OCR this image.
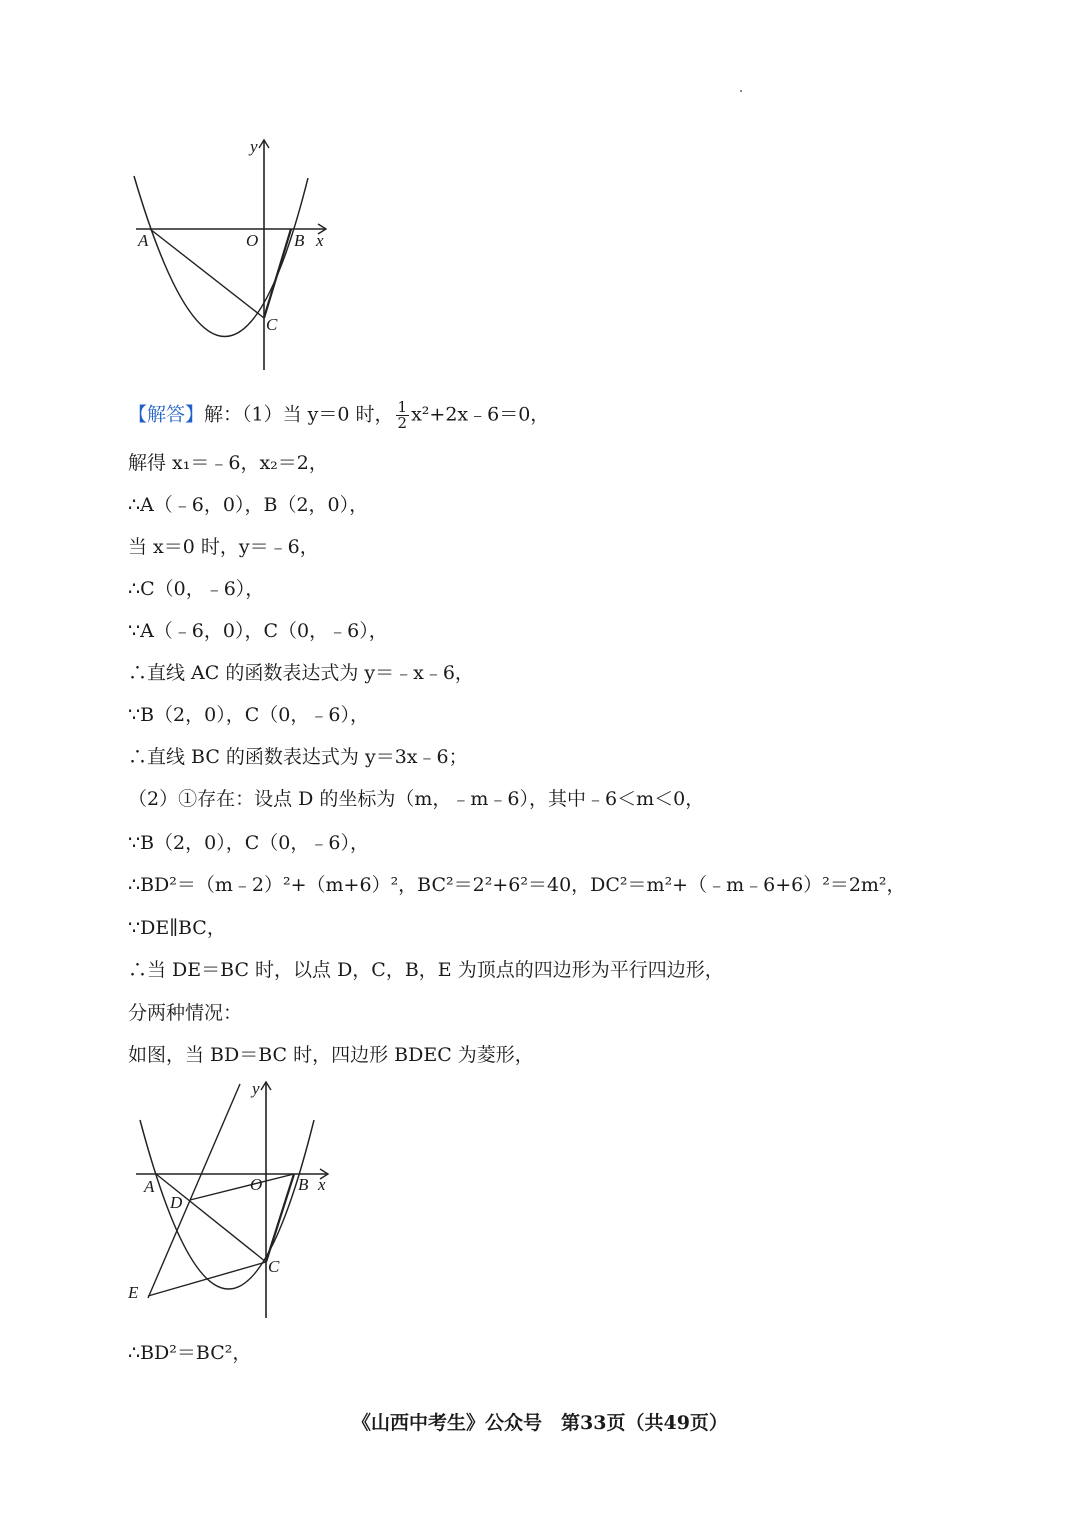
y
x
A	O B
C
【解答】解：（1）当 y＝0 时， $\frac{1}{2}$ x²+2x﹣6＝0，
解得 x₁＝﹣6，x₂＝2，
∴A（﹣6，0），B（2，0），
当 x＝0 时，y＝﹣6，
∴C（0，﹣6），
∵A（﹣6，0），C（0，﹣6），
∴直线 AC 的函数表达式为 y＝﹣x﹣6，
∵B（2，0），C（0，﹣6），
∴直线 BC 的函数表达式为 y＝3x﹣6；
（2）①存在：设点 D 的坐标为（m，﹣m﹣6），其中﹣6＜m＜0，
∵B（2，0），C（0，﹣6），
∴BD²＝（m﹣2）²+（m+6）²，BC²＝2²+6²＝40，DC²＝m²+（﹣m﹣6+6）²＝2m²，
∵DE∥BC，
∴当 DE＝BC 时，以点 D，C，B，E 为顶点的四边形为平行四边形，
分两种情况：
如图，当 BD＝BC 时，四边形 BDEC 为菱形，
y
x
A	O B
C
D
E
∴BD²＝BC²，
《山西中考生》公众号　第33页（共49页）
